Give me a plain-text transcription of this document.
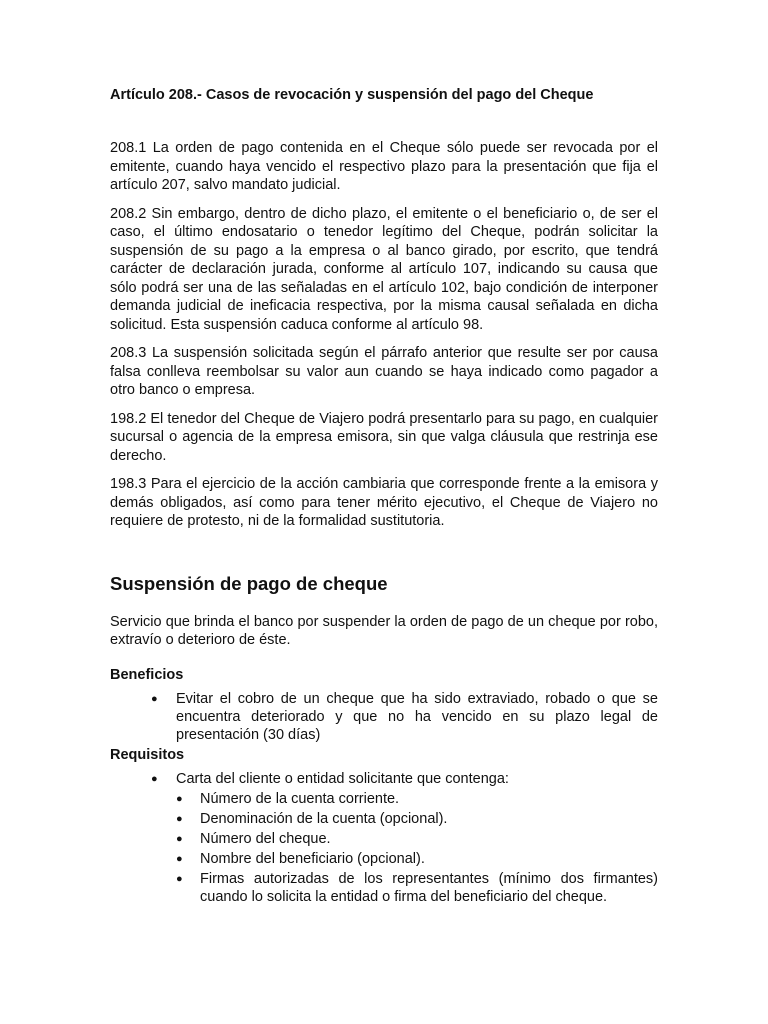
Artículo 208.- Casos de revocación y suspensión del pago del Cheque

208.1 La orden de pago contenida en el Cheque sólo puede ser revocada por el emitente, cuando haya vencido el respectivo plazo para la presentación que fija el artículo 207, salvo mandato judicial.

208.2 Sin embargo, dentro de dicho plazo, el emitente o el beneficiario o, de ser el caso, el último endosatario o tenedor legítimo del Cheque, podrán solicitar la suspensión de su pago a la empresa o al banco girado, por escrito, que tendrá carácter de declaración jurada, conforme al artículo 107, indicando su causa que sólo podrá ser una de las señaladas en el artículo 102, bajo condición de interponer demanda judicial de ineficacia respectiva, por la misma causal señalada en dicha solicitud. Esta suspensión caduca conforme al artículo 98.

208.3 La suspensión solicitada según el párrafo anterior que resulte ser por causa falsa conlleva reembolsar su valor aun cuando se haya indicado como pagador a otro banco o empresa.

198.2 El tenedor del Cheque de Viajero podrá presentarlo para su pago, en cualquier sucursal o agencia de la empresa emisora, sin que valga cláusula que restrinja ese derecho.

198.3 Para el ejercicio de la acción cambiaria que corresponde frente a la emisora y demás obligados, así como para tener mérito ejecutivo, el Cheque de Viajero no requiere de protesto, ni de la formalidad sustitutoria.

Suspensión de pago de cheque

Servicio que brinda el banco por suspender la orden de pago de un cheque por robo, extravío o deterioro de éste.

Beneficios
● Evitar el cobro de un cheque que ha sido extraviado, robado o que se encuentra deteriorado y que no ha vencido en su plazo legal de presentación (30 días)
Requisitos
● Carta del cliente o entidad solicitante que contenga:
● Número de la cuenta corriente.
● Denominación de la cuenta (opcional).
● Número del cheque.
● Nombre del beneficiario (opcional).
● Firmas autorizadas de los representantes (mínimo dos firmantes) cuando lo solicita la entidad o firma del beneficiario del cheque.
